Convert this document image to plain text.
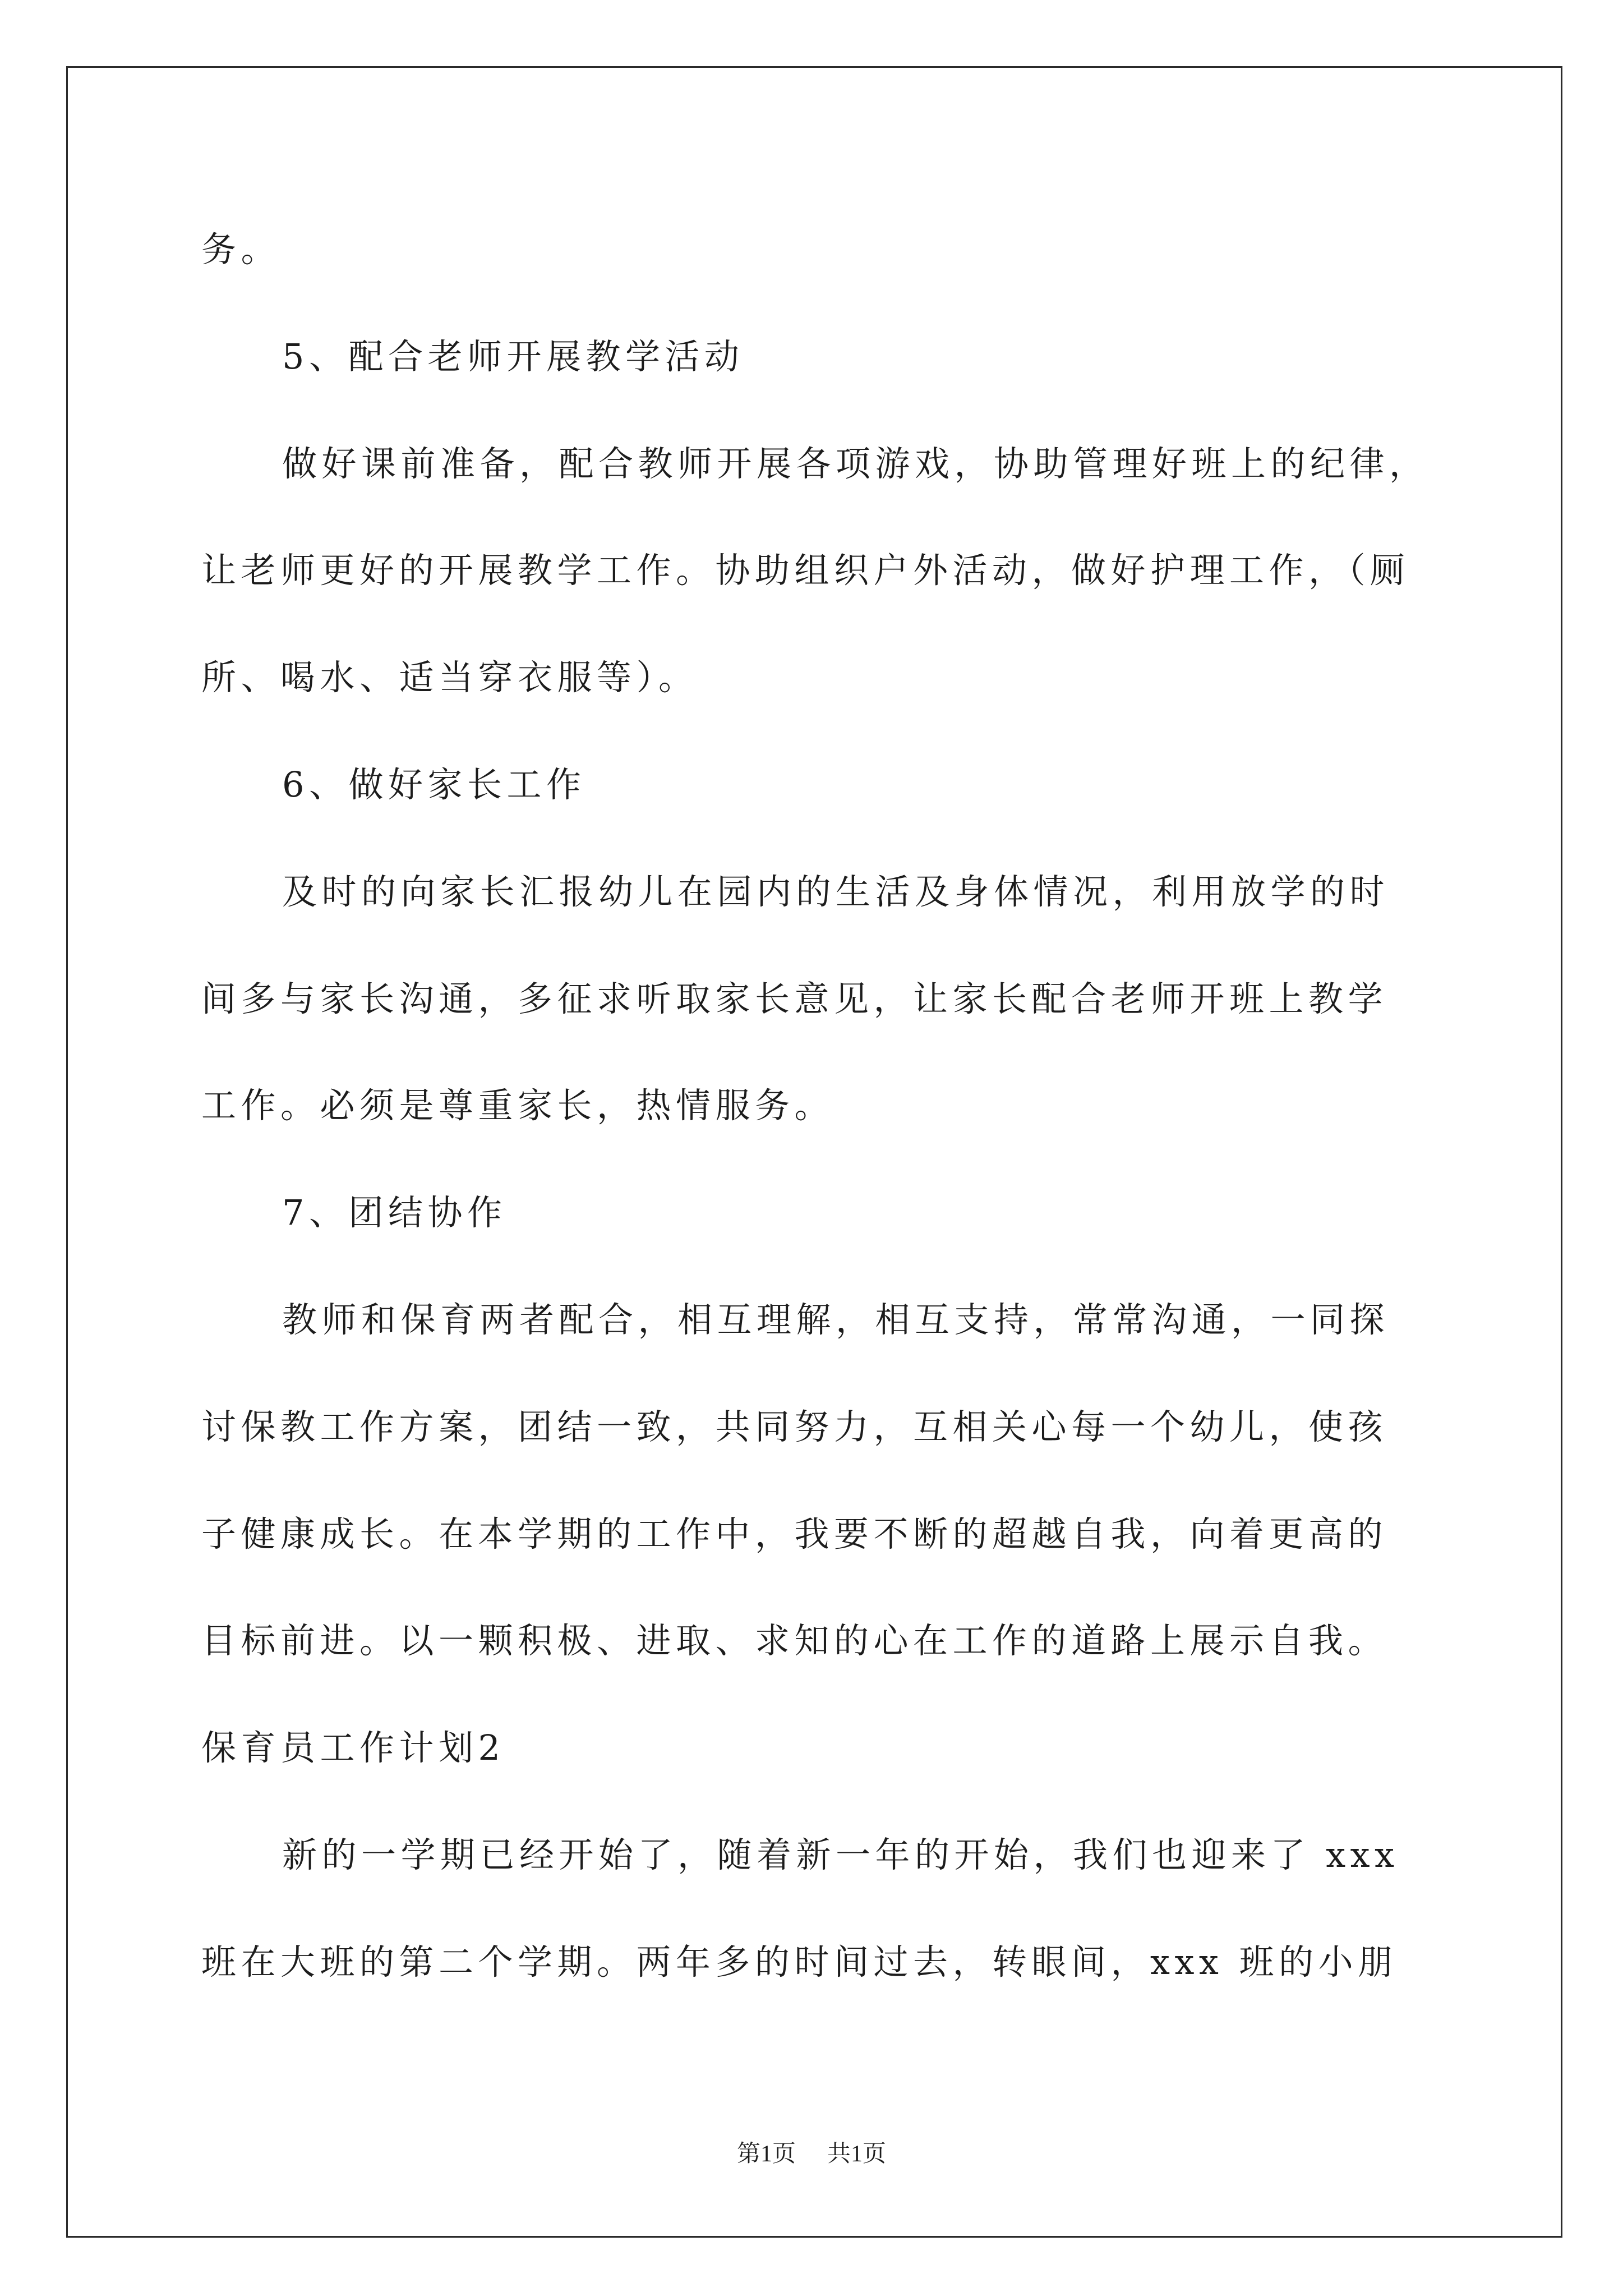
务。
5、配合老师开展教学活动
做好课前准备，配合教师开展各项游戏，协助管理好班上的纪律，
让老师更好的开展教学工作。协助组织户外活动，做好护理工作，（厕
所、喝水、适当穿衣服等）。
6、做好家长工作
及时的向家长汇报幼儿在园内的生活及身体情况，利用放学的时
间多与家长沟通，多征求听取家长意见，让家长配合老师开班上教学
工作。必须是尊重家长，热情服务。
7、团结协作
教师和保育两者配合，相互理解，相互支持，常常沟通，一同探
讨保教工作方案，团结一致，共同努力，互相关心每一个幼儿，使孩
子健康成长。在本学期的工作中，我要不断的超越自我，向着更高的
目标前进。以一颗积极、进取、求知的心在工作的道路上展示自我。
保育员工作计划2
新的一学期已经开始了，随着新一年的开始，我们也迎来了 xxx
班在大班的第二个学期。两年多的时间过去，转眼间，xxx 班的小朋
第1页 共1页
